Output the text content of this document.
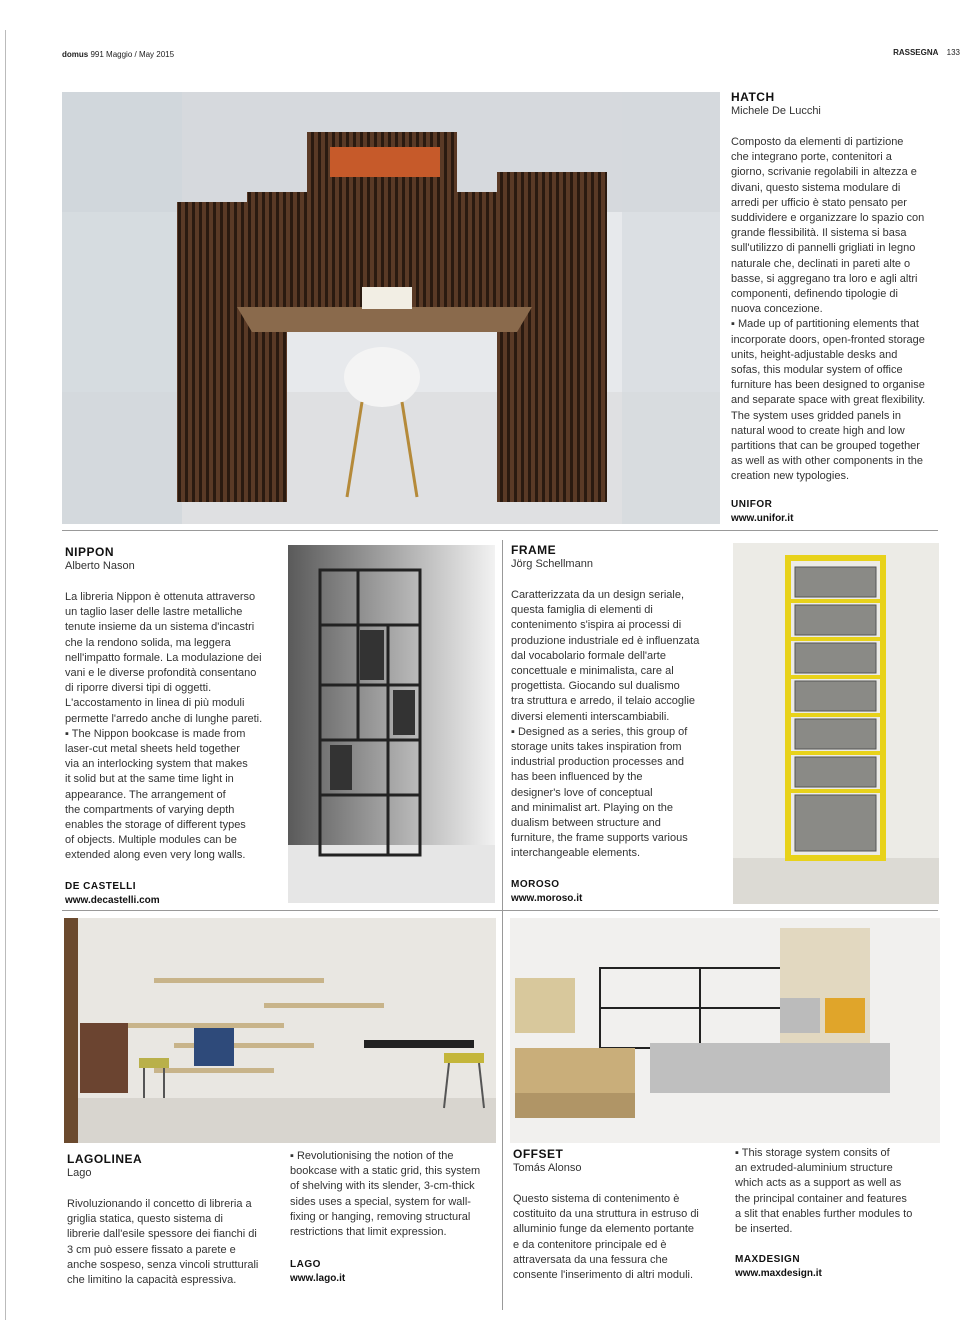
domus 991 Maggio / May 2015	RASSEGNA 133
HATCH
Michele De Lucchi
Composto da elementi di partizione
che integrano porte, contenitori a
giorno, scrivanie regolabili in altezza e
divani, questo sistema modulare di
arredi per ufficio è stato pensato per
suddividere e organizzare lo spazio con
grande flessibilità. Il sistema si basa
sull'utilizzo di pannelli grigliati in legno
naturale che, declinati in pareti alte o
basse, si aggregano tra loro e agli altri
componenti, definendo tipologie di
nuova concezione.
▪ Made up of partitioning elements that
incorporate doors, open-fronted storage
units, height-adjustable desks and
sofas, this modular system of office
furniture has been designed to organise
and separate space with great flexibility.
The system uses gridded panels in
natural wood to create high and low
partitions that can be grouped together
as well as with other components in the
creation new typologies.
UNIFOR
www.unifor.it
NIPPON
Alberto Nason
La libreria Nippon è ottenuta attraverso
un taglio laser delle lastre metalliche
tenute insieme da un sistema d'incastri
che la rendono solida, ma leggera
nell'impatto formale. La modulazione dei
vani e le diverse profondità consentano
di riporre diversi tipi di oggetti.
L'accostamento in linea di più moduli
permette l'arredo anche di lunghe pareti.
▪ The Nippon bookcase is made from
laser-cut metal sheets held together
via an interlocking system that makes
it solid but at the same time light in
appearance. The arrangement of
the compartments of varying depth
enables the storage of different types
of objects. Multiple modules can be
extended along even very long walls.
DE CASTELLI
www.decastelli.com
FRAME
Jörg Schellmann
Caratterizzata da un design seriale,
questa famiglia di elementi di
contenimento s'ispira ai processi di
produzione industriale ed è influenzata
dal vocabolario formale dell'arte
concettuale e minimalista, care al
progettista. Giocando sul dualismo
tra struttura e arredo, il telaio accoglie
diversi elementi interscambiabili.
▪ Designed as a series, this group of
storage units takes inspiration from
industrial production processes and
has been influenced by the
designer's love of conceptual
and minimalist art. Playing on the
dualism between structure and
furniture, the frame supports various
interchangeable elements.
MOROSO
www.moroso.it
LAGOLINEA
Lago
Rivoluzionando il concetto di libreria a
griglia statica, questo sistema di
librerie dall'esile spessore dei fianchi di
3 cm può essere fissato a parete e
anche sospeso, senza vincoli strutturali
che limitino la capacità espressiva.
▪ Revolutionising the notion of the
bookcase with a static grid, this system
of shelving with its slender, 3-cm-thick
sides uses a special, system for wall-
fixing or hanging, removing structural
restrictions that limit expression.
LAGO
www.lago.it
OFFSET
Tomás Alonso
Questo sistema di contenimento è
costituito da una struttura in estruso di
alluminio funge da elemento portante
e da contenitore principale ed è
attraversata da una fessura che
consente l'inserimento di altri moduli.
▪ This storage system consits of
an extruded-aluminium structure
which acts as a support as well as
the principal container and features
a slit that enables further modules to
be inserted.
MAXDESIGN
www.maxdesign.it
